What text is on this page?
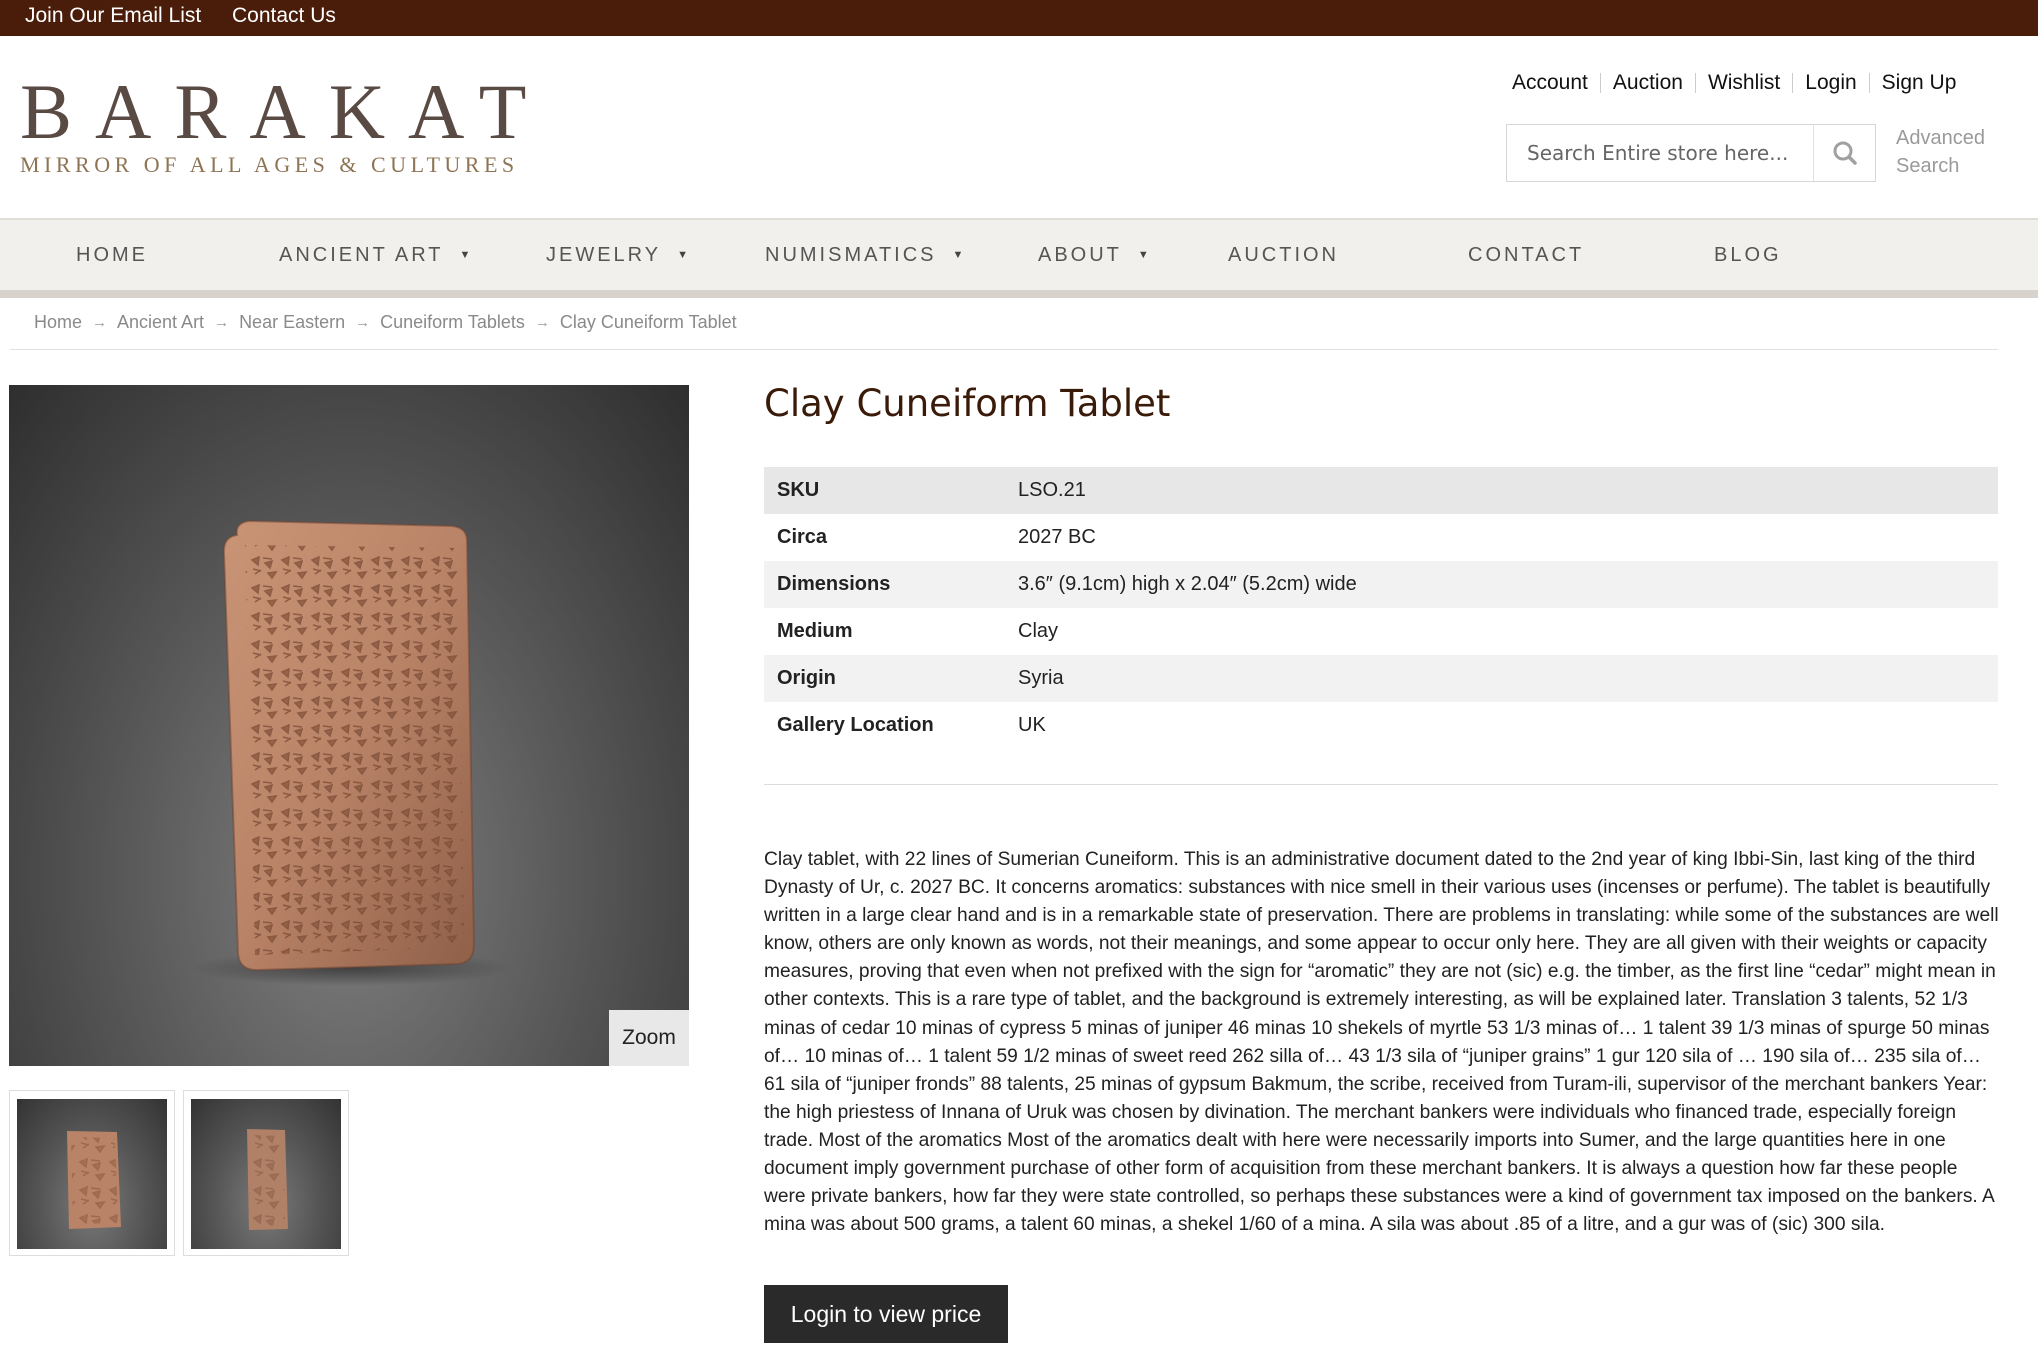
Join Our Email List Contact Us
BARAKAT
MIRROR OF ALL AGES & CULTURES
Account Auction Wishlist Login Sign Up
Search Entire store here...
Advanced
Search
HOME	ANCIENT ART ▼	JEWELRY ▼	NUMISMATICS ▼	ABOUT ▼	AUCTION	CONTACT	BLOG
Home → Ancient Art → Near Eastern → Cuneiform Tablets → Clay Cuneiform Tablet
Zoom
Clay Cuneiform Tablet
SKU	LSO.21
Circa	2027 BC
Dimensions	3.6″ (9.1cm) high x 2.04″ (5.2cm) wide
Medium	Clay
Origin	Syria
Gallery Location	UK
Clay tablet, with 22 lines of Sumerian Cuneiform. This is an administrative document dated to the 2nd year of king Ibbi-Sin, last king of the third Dynasty of Ur, c. 2027 BC. It concerns aromatics: substances with nice smell in their various uses (incenses or perfume). The tablet is beautifully written in a large clear hand and is in a remarkable state of preservation. There are problems in translating: while some of the substances are well know, others are only known as words, not their meanings, and some appear to occur only here. They are all given with their weights or capacity measures, proving that even when not prefixed with the sign for “aromatic” they are not (sic) e.g. the timber, as the first line “cedar” might mean in other contexts. This is a rare type of tablet, and the background is extremely interesting, as will be explained later. Translation 3 talents, 52 1/3 minas of cedar 10 minas of cypress 5 minas of juniper 46 minas 10 shekels of myrtle 53 1/3 minas of… 1 talent 39 1/3 minas of spurge 50 minas of… 10 minas of… 1 talent 59 1/2 minas of sweet reed 262 silla of… 43 1/3 sila of “juniper grains” 1 gur 120 sila of … 190 sila of… 235 sila of… 61 sila of “juniper fronds” 88 talents, 25 minas of gypsum Bakmum, the scribe, received from Turam-ili, supervisor of the merchant bankers Year: the high priestess of Innana of Uruk was chosen by divination. The merchant bankers were individuals who financed trade, especially foreign trade. Most of the aromatics Most of the aromatics dealt with here were necessarily imports into Sumer, and the large quantities here in one document imply government purchase of other form of acquisition from these merchant bankers. It is always a question how far these people were private bankers, how far they were state controlled, so perhaps these substances were a kind of government tax imposed on the bankers. A mina was about 500 grams, a talent 60 minas, a shekel 1/60 of a mina. A sila was about .85 of a litre, and a gur was of (sic) 300 sila.
Login to view price
